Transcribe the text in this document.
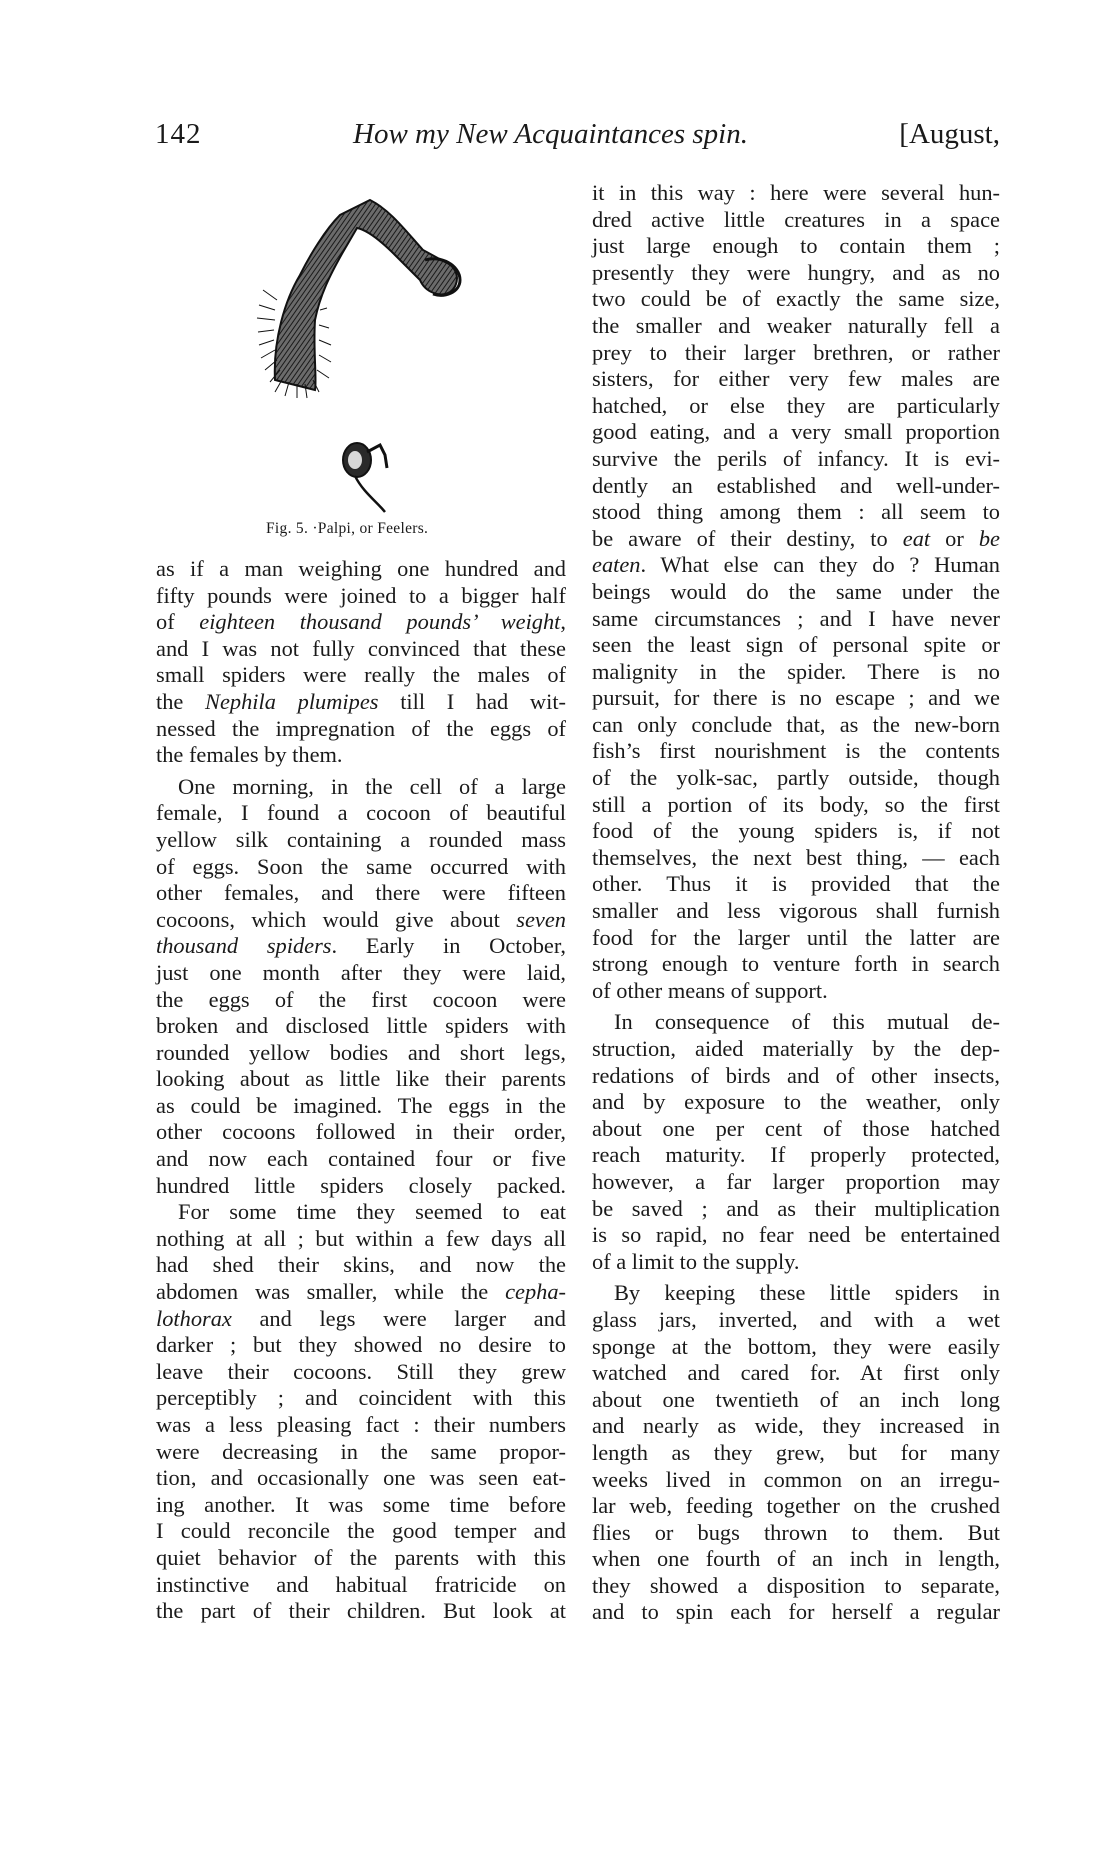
142	How my New Acquaintances spin.	[August,
Fig. 5. ·Palpi, or Feelers.
as if a man weighing one hundred and
fifty pounds were joined to a bigger half
of eighteen thousand pounds’ weight,
and I was not fully convinced that these
small spiders were really the males of
the Nephila plumipes till I had wit-
nessed the impregnation of the eggs of
the females by them.
One morning, in the cell of a large
female, I found a cocoon of beautiful
yellow silk containing a rounded mass
of eggs. Soon the same occurred with
other females, and there were fifteen
cocoons, which would give about seven
thousand spiders. Early in October,
just one month after they were laid,
the eggs of the first cocoon were
broken and disclosed little spiders with
rounded yellow bodies and short legs,
looking about as little like their parents
as could be imagined. The eggs in the
other cocoons followed in their order,
and now each contained four or five
hundred little spiders closely packed.
For some time they seemed to eat
nothing at all ; but within a few days all
had shed their skins, and now the
abdomen was smaller, while the cepha-
lothorax and legs were larger and
darker ; but they showed no desire to
leave their cocoons. Still they grew
perceptibly ; and coincident with this
was a less pleasing fact : their numbers
were decreasing in the same propor-
tion, and occasionally one was seen eat-
ing another. It was some time before
I could reconcile the good temper and
quiet behavior of the parents with this
instinctive and habitual fratricide on
the part of their children. But look at
it in this way : here were several hun-
dred active little creatures in a space
just large enough to contain them ;
presently they were hungry, and as no
two could be of exactly the same size,
the smaller and weaker naturally fell a
prey to their larger brethren, or rather
sisters, for either very few males are
hatched, or else they are particularly
good eating, and a very small proportion
survive the perils of infancy. It is evi-
dently an established and well-under-
stood thing among them : all seem to
be aware of their destiny, to eat or be
eaten. What else can they do ? Human
beings would do the same under the
same circumstances ; and I have never
seen the least sign of personal spite or
malignity in the spider. There is no
pursuit, for there is no escape ; and we
can only conclude that, as the new-born
fish’s first nourishment is the contents
of the yolk-sac, partly outside, though
still a portion of its body, so the first
food of the young spiders is, if not
themselves, the next best thing, — each
other. Thus it is provided that the
smaller and less vigorous shall furnish
food for the larger until the latter are
strong enough to venture forth in search
of other means of support.
In consequence of this mutual de-
struction, aided materially by the dep-
redations of birds and of other insects,
and by exposure to the weather, only
about one per cent of those hatched
reach maturity. If properly protected,
however, a far larger proportion may
be saved ; and as their multiplication
is so rapid, no fear need be entertained
of a limit to the supply.
By keeping these little spiders in
glass jars, inverted, and with a wet
sponge at the bottom, they were easily
watched and cared for. At first only
about one twentieth of an inch long
and nearly as wide, they increased in
length as they grew, but for many
weeks lived in common on an irregu-
lar web, feeding together on the crushed
flies or bugs thrown to them. But
when one fourth of an inch in length,
they showed a disposition to separate,
and to spin each for herself a regular
